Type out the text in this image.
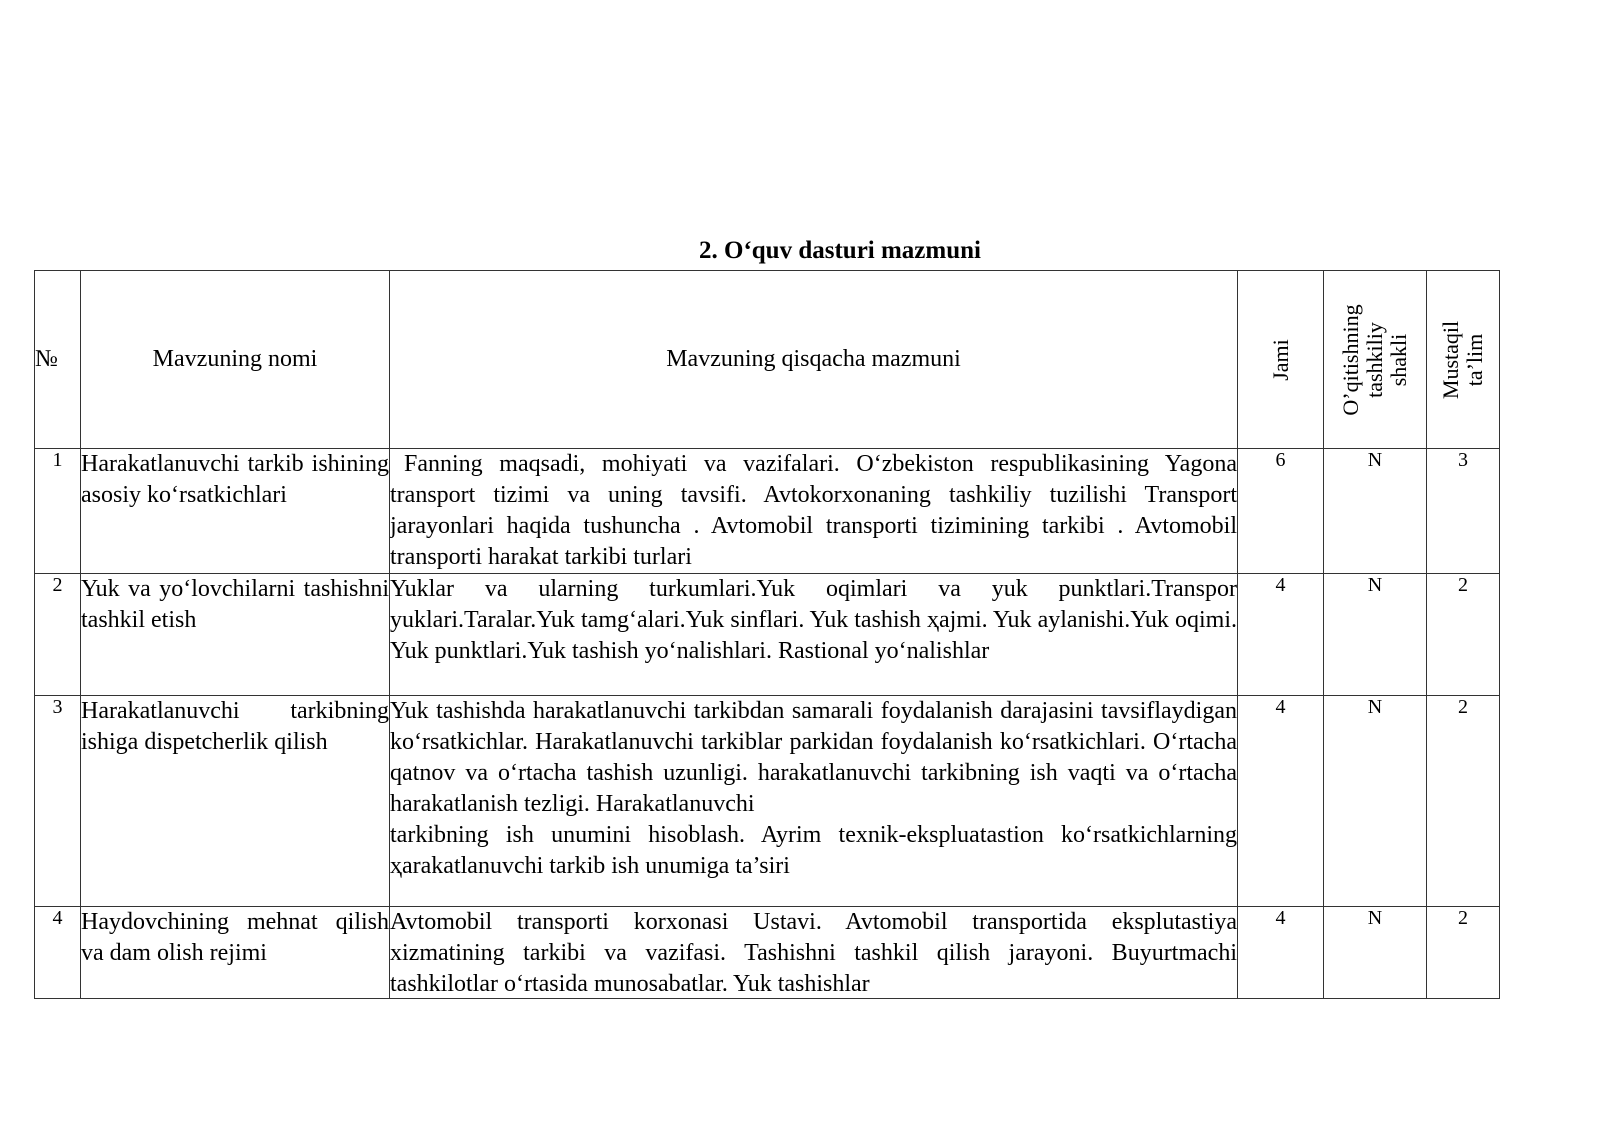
2. O‘quv dasturi mazmuni
№	Mavzuning nomi	Mavzuning qisqacha mazmuni	Jami	O’qitishning tashkiliy shakli	Mustaqil ta’lim

1	Harakatlanuvchi tarkib ishining asosiy ko‘rsatkichlari	Fanning maqsadi, mohiyati va vazifalari. O‘zbekiston respublikasining Yagona transport tizimi va uning tavsifi. Avtokorxonaning tashkiliy tuzilishi Transport jarayonlari haqida tushuncha . Avtomobil transporti tizimining tarkibi . Avtomobil transporti harakat tarkibi turlari	6	N	3
2	Yuk va yo‘lovchilarni tashishni tashkil etish	Yuklar va ularning turkumlari.Yuk oqimlari va yuk punktlari.Transpor yuklari.Taralar.Yuk tamg‘alari.Yuk sinflari. Yuk tashish ҳajmi. Yuk aylanishi.Yuk oqimi. Yuk punktlari.Yuk tashish yo‘nalishlari. Rastional yo‘nalishlar	4	N	2
3	Harakatlanuvchi tarkibning ishiga dispetcherlik qilish	Yuk tashishda harakatlanuvchi tarkibdan samarali foydalanish darajasini tavsiflaydigan ko‘rsatkichlar. Harakatlanuvchi tarkiblar parkidan foydalanish ko‘rsatkichlari. O‘rtacha qatnov va o‘rtacha tashish uzunligi. harakatlanuvchi tarkibning ish vaqti va o‘rtacha harakatlanish tezligi. Harakatlanuvchi
tarkibning ish unumini hisoblash. Ayrim texnik-ekspluatastion ko‘rsatkichlarning ҳarakatlanuvchi tarkib ish unumiga ta’siri	4	N	2
4	Haydovchining mehnat qilish va dam olish rejimi	Avtomobil transporti korxonasi Ustavi. Avtomobil transportida eksplutastiya xizmatining tarkibi va vazifasi. Tashishni tashkil qilish jarayoni. Buyurtmachi tashkilotlar o‘rtasida munosabatlar. Yuk tashishlar	4	N	2
